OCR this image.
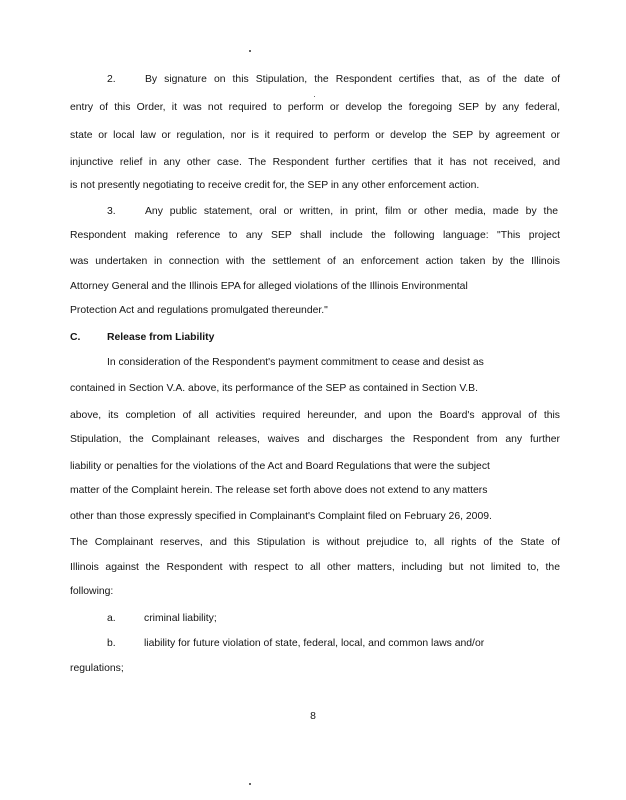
2.	By signature on this Stipulation, the Respondent certifies that, as of the date of
entry of this Order, it was not required to perform or develop the foregoing SEP by any federal,
state or local law or regulation, nor is it required to perform or develop the SEP by agreement or
injunctive relief in any other case. The Respondent further certifies that it has not received, and
is not presently negotiating to receive credit for, the SEP in any other enforcement action.
3.	Any public statement, oral or written, in print, film or other media, made by the
Respondent making reference to any SEP shall include the following language: "This project
was undertaken in connection with the settlement of an enforcement action taken by the Illinois
Attorney General and the Illinois EPA for alleged violations of the Illinois Environmental
Protection Act and regulations promulgated thereunder."
C.	Release from Liability
In consideration of the Respondent's payment commitment to cease and desist as
contained in Section V.A. above, its performance of the SEP as contained in Section V.B.
above, its completion of all activities required hereunder, and upon the Board's approval of this
Stipulation, the Complainant releases, waives and discharges the Respondent from any further
liability or penalties for the violations of the Act and Board Regulations that were the subject
matter of the Complaint herein. The release set forth above does not extend to any matters
other than those expressly specified in Complainant's Complaint filed on February 26, 2009.
The Complainant reserves, and this Stipulation is without prejudice to, all rights of the State of
Illinois against the Respondent with respect to all other matters, including but not limited to, the
following:
a.	criminal liability;
b.	liability for future violation of state, federal, local, and common laws and/or
regulations;
8
